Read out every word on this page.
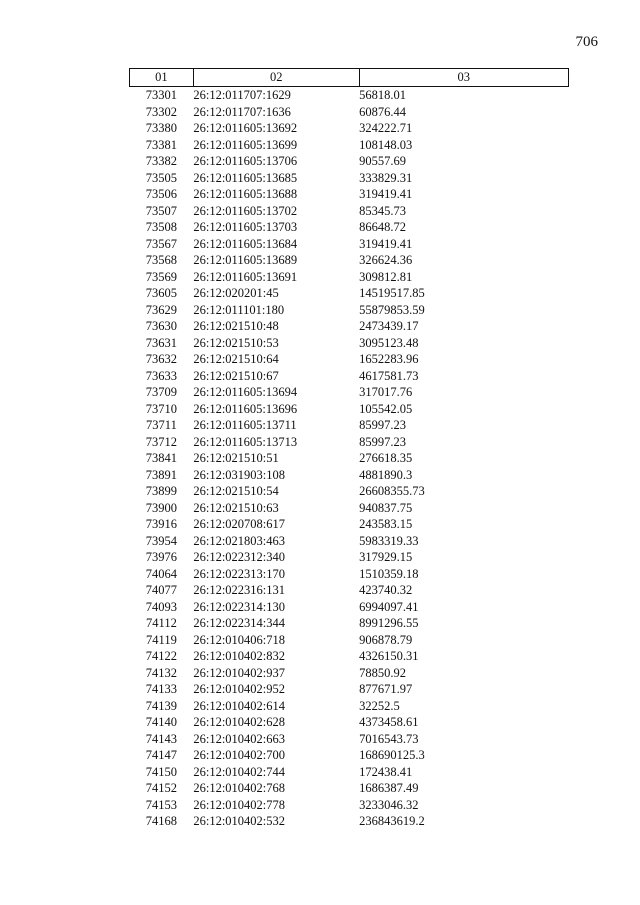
706
01	02	03
73301	26:12:011707:1629	56818.01
73302	26:12:011707:1636	60876.44
73380	26:12:011605:13692	324222.71
73381	26:12:011605:13699	108148.03
73382	26:12:011605:13706	90557.69
73505	26:12:011605:13685	333829.31
73506	26:12:011605:13688	319419.41
73507	26:12:011605:13702	85345.73
73508	26:12:011605:13703	86648.72
73567	26:12:011605:13684	319419.41
73568	26:12:011605:13689	326624.36
73569	26:12:011605:13691	309812.81
73605	26:12:020201:45	14519517.85
73629	26:12:011101:180	55879853.59
73630	26:12:021510:48	2473439.17
73631	26:12:021510:53	3095123.48
73632	26:12:021510:64	1652283.96
73633	26:12:021510:67	4617581.73
73709	26:12:011605:13694	317017.76
73710	26:12:011605:13696	105542.05
73711	26:12:011605:13711	85997.23
73712	26:12:011605:13713	85997.23
73841	26:12:021510:51	276618.35
73891	26:12:031903:108	4881890.3
73899	26:12:021510:54	26608355.73
73900	26:12:021510:63	940837.75
73916	26:12:020708:617	243583.15
73954	26:12:021803:463	5983319.33
73976	26:12:022312:340	317929.15
74064	26:12:022313:170	1510359.18
74077	26:12:022316:131	423740.32
74093	26:12:022314:130	6994097.41
74112	26:12:022314:344	8991296.55
74119	26:12:010406:718	906878.79
74122	26:12:010402:832	4326150.31
74132	26:12:010402:937	78850.92
74133	26:12:010402:952	877671.97
74139	26:12:010402:614	32252.5
74140	26:12:010402:628	4373458.61
74143	26:12:010402:663	7016543.73
74147	26:12:010402:700	168690125.3
74150	26:12:010402:744	172438.41
74152	26:12:010402:768	1686387.49
74153	26:12:010402:778	3233046.32
74168	26:12:010402:532	236843619.2
